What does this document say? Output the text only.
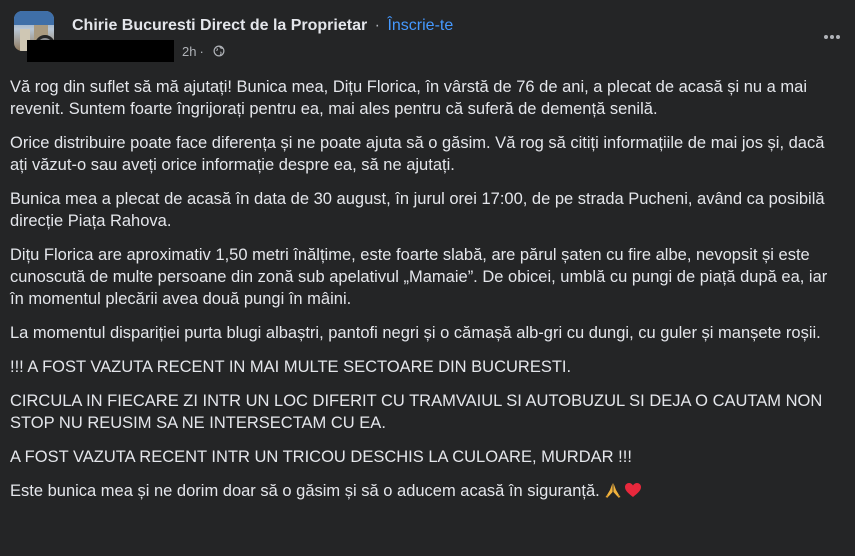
Chirie Bucuresti Direct de la Proprietar · Înscrie-te
2h ·

Vă rog din suflet să mă ajutați! Bunica mea, Dițu Florica, în vârstă de 76 de ani, a plecat de acasă și nu a mai revenit. Suntem foarte îngrijorați pentru ea, mai ales pentru că suferă de demență senilă.

Orice distribuire poate face diferența și ne poate ajuta să o găsim. Vă rog să citiți informațiile de mai jos și, dacă ați văzut-o sau aveți orice informație despre ea, să ne ajutați.

Bunica mea a plecat de acasă în data de 30 august, în jurul orei 17:00, de pe strada Pucheni, având ca posibilă direcție Piața Rahova.

Dițu Florica are aproximativ 1,50 metri înălțime, este foarte slabă, are părul șaten cu fire albe, nevopsit și este cunoscută de multe persoane din zonă sub apelativul „Mamaie”. De obicei, umblă cu pungi de piață după ea, iar în momentul plecării avea două pungi în mâini.

La momentul dispariției purta blugi albaștri, pantofi negri și o cămașă alb-gri cu dungi, cu guler și manșete roșii.

!!! A FOST VAZUTA RECENT IN MAI MULTE SECTOARE DIN BUCURESTI.

CIRCULA IN FIECARE ZI INTR UN LOC DIFERIT CU TRAMVAIUL SI AUTOBUZUL SI DEJA O CAUTAM NON STOP NU REUSIM SA NE INTERSECTAM CU EA.

A FOST VAZUTA RECENT INTR UN TRICOU DESCHIS LA CULOARE, MURDAR !!!

Este bunica mea și ne dorim doar să o găsim și să o aducem acasă în siguranță.
